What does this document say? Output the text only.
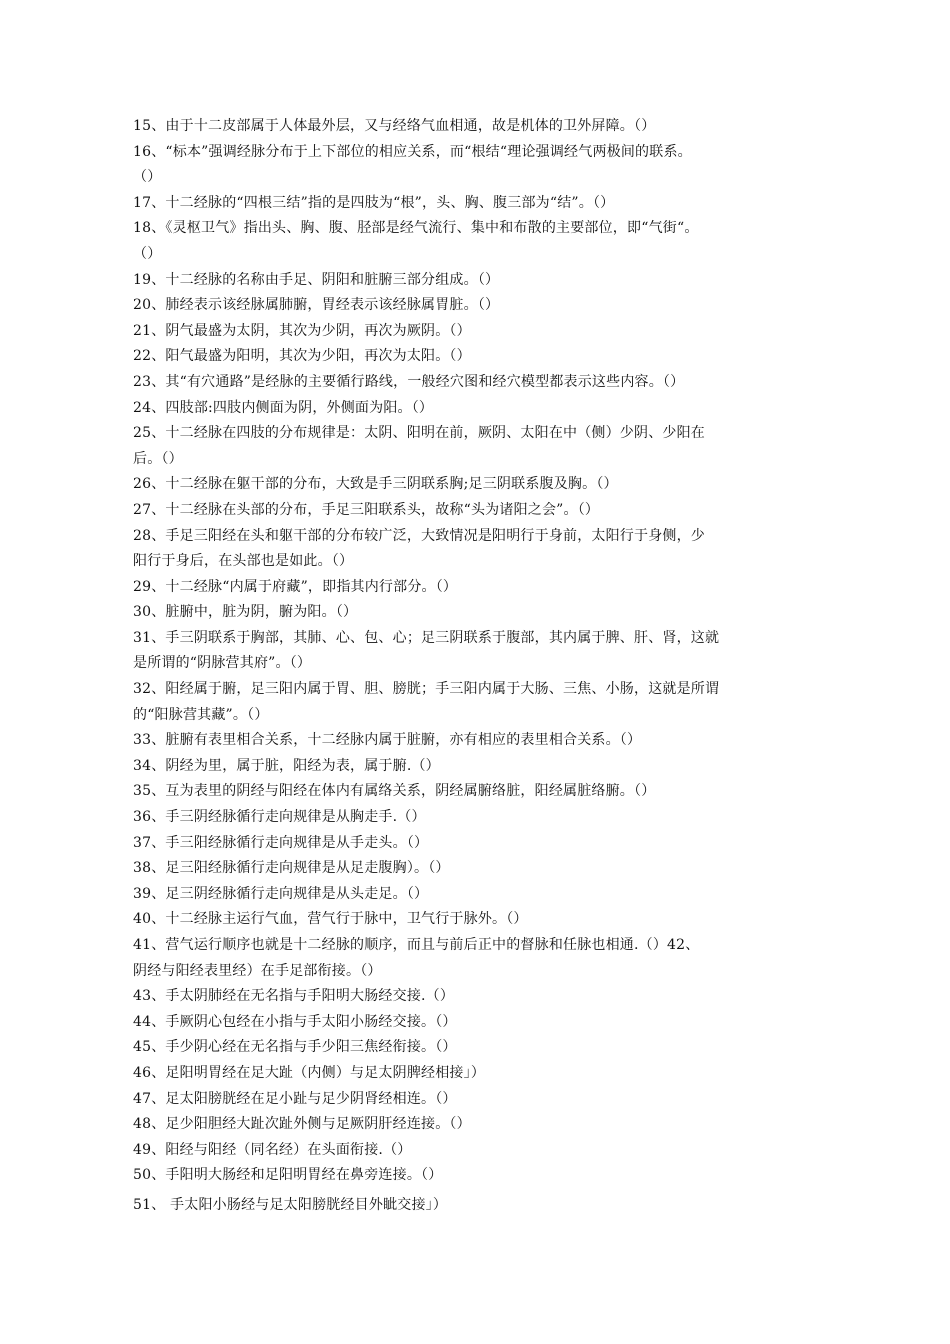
15、由于十二皮部属于人体最外层，又与经络气血相通，故是机体的卫外屏障。（）
16、“标本”强调经脉分布于上下部位的相应关系，而“根结“理论强调经气两极间的联系。
（）
17、十二经脉的“四根三结”指的是四肢为“根”，头、胸、腹三部为“结”。（）
18、《灵枢卫气》指出头、胸、腹、胫部是经气流行、集中和布散的主要部位，即“气街“。
（）
19、十二经脉的名称由手足、阴阳和脏腑三部分组成。（）
20、肺经表示该经脉属肺腑，胃经表示该经脉属胃脏。（）
21、阴气最盛为太阴，其次为少阴，再次为厥阴。（）
22、阳气最盛为阳明，其次为少阳，再次为太阳。（）
23、其“有穴通路”是经脉的主要循行路线，一般经穴图和经穴模型都表示这些内容。（）
24、四肢部:四肢内侧面为阴，外侧面为阳。（）
25、十二经脉在四肢的分布规律是：太阴、阳明在前，厥阴、太阳在中（侧）少阴、少阳在
后。（）
26、十二经脉在躯干部的分布，大致是手三阴联系胸;足三阴联系腹及胸。（）
27、十二经脉在头部的分布，手足三阳联系头，故称“头为诸阳之会”。（）
28、手足三阳经在头和躯干部的分布较广泛，大致情况是阳明行于身前，太阳行于身侧，少
阳行于身后，在头部也是如此。（）
29、十二经脉“内属于府藏”，即指其内行部分。（）
30、脏腑中，脏为阴，腑为阳。（）
31、手三阴联系于胸部，其肺、心、包、心；足三阴联系于腹部，其内属于脾、肝、肾，这就
是所谓的“阴脉营其府”。（）
32、阳经属于腑，足三阳内属于胃、胆、膀胱；手三阳内属于大肠、三焦、小肠，这就是所谓
的“阳脉营其藏”。（）
33、脏腑有表里相合关系，十二经脉内属于脏腑，亦有相应的表里相合关系。（）
34、阴经为里，属于脏，阳经为表，属于腑.（）
35、互为表里的阴经与阳经在体内有属络关系，阴经属腑络脏，阳经属脏络腑。（）
36、手三阴经脉循行走向规律是从胸走手.（）
37、手三阳经脉循行走向规律是从手走头。（）
38、足三阳经脉循行走向规律是从足走腹胸）。（）
39、足三阴经脉循行走向规律是从头走足。（）
40、十二经脉主运行气血，营气行于脉中，卫气行于脉外。（）
41、营气运行顺序也就是十二经脉的顺序，而且与前后正中的督脉和任脉也相通.（）42、
阴经与阳经表里经）在手足部衔接。（）
43、手太阴肺经在无名指与手阳明大肠经交接.（）
44、手厥阴心包经在小指与手太阳小肠经交接。（）
45、手少阴心经在无名指与手少阳三焦经衔接。（）
46、足阳明胃经在足大趾（内侧）与足太阴脾经相接」）
47、足太阳膀胱经在足小趾与足少阴肾经相连。（）
48、足少阳胆经大趾次趾外侧与足厥阴肝经连接。（）
49、阳经与阳经（同名经）在头面衔接.（）
50、手阳明大肠经和足阳明胃经在鼻旁连接。（）
51、 手太阳小肠经与足太阳膀胱经目外眦交接」）
